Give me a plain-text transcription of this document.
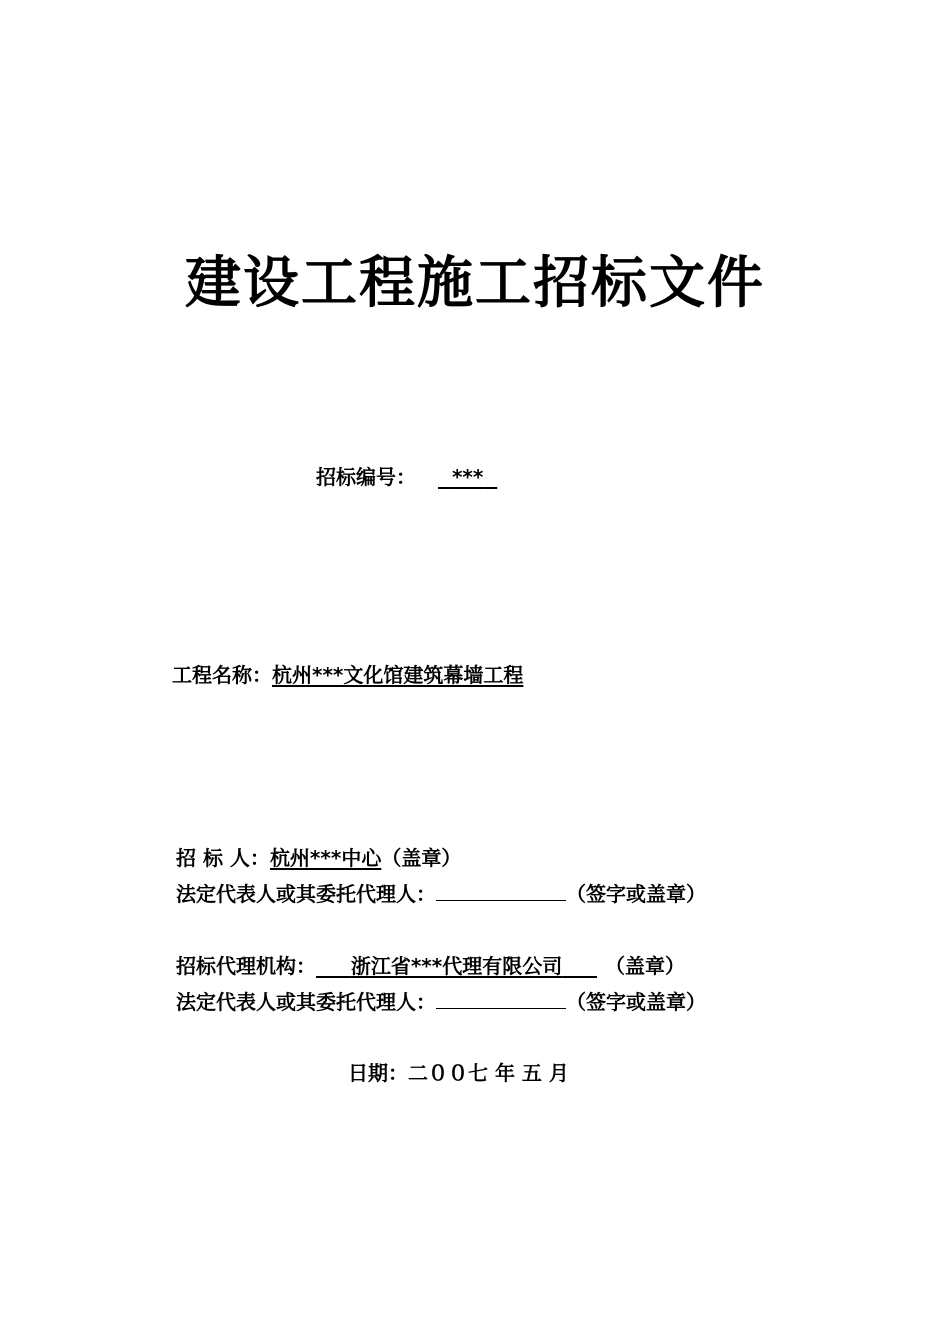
建设工程施工招标文件
招标编号： ***
工程名称：杭州***文化馆建筑幕墙工程
招 标 人：杭州***中心（盖章）
法定代表人或其委托代理人：	（签字或盖章）
招标代理机构： 浙江省***代理有限公司 （盖章）
法定代表人或其委托代理人：	（签字或盖章）
日期：二００七 年 五 月
